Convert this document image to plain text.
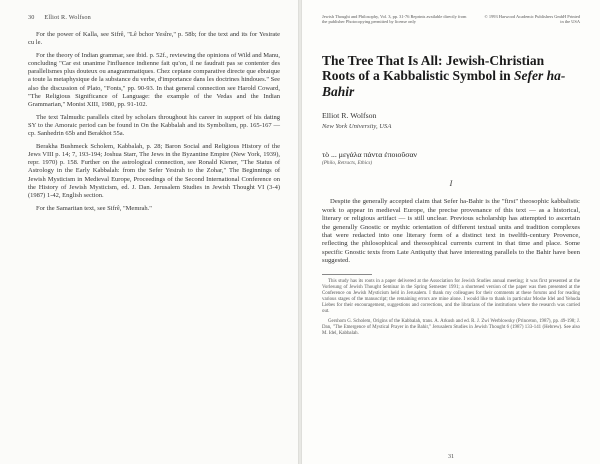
30 Elliot R. Wolfson

For the power of Kalla, see Sifrê, "Lê bchor Yesîre," p. 58b; for the text and its for Yesirate cu le.

For the theory of Indian grammar, see ibid. p. 52f., reviewing the opinions of Wild and Manu, concluding "Car est unanime l'influence indienne fait qu'on, il ne faudrait pas se contenter des parallelismes plus douteux ou anagrammatiques. Chez ceptane comparative directe que ebraique a toute la metaphysique de la substance du verbe, d'importance dans les doctrines hindoues." See also the discussion of Plato, "Fonts," pp. 90-93. In that general connection see Harold Coward, "The Religious Significance of Language: the example of the Vedas and the Indian Grammarian," Monist XIII, 1980, pp. 91-102.

The text Talmudic parallels cited by scholars throughout his career in support of his dating SY to the Amoraic period can be found in On the Kabbalah and its Symbolism, pp. 165-167 — cp. Sanhedrin 65b and Berakhot 55a.

Berakha Bushmeck Scholem, Kabbalah, p. 28; Baron Social and Religious History of the Jews VIII p. 14; 7, 193-194; Joshua Starr, The Jews in the Byzantine Empire (New York, 1939), repr. 1970) p. 158. Further on the astrological connection, see Ronald Kiener, "The Status of Astrology in the Early Kabbalah: from the Sefer Yesirah to the Zohar," The Beginnings of Jewish Mysticism in Medieval Europe, Proceedings of the Second International Conference on the History of Jewish Mysticism, ed. J. Dan. Jerusalem Studies in Jewish Thought VI (3-4) (1987) 1-42, English section.

For the Samaritan text, see Sifrê, "Memrah."

Jewish Thought and Philosophy, Vol. 3, pp. 31-76 Reprints available directly from the publisher Photocopying permitted by license only
© 1993 Harwood Academic Publishers GmbH Printed in the USA
The Tree That Is All: Jewish-Christian Roots of a Kabbalistic Symbol in Sefer ha-Bahir
Elliot R. Wolfson
New York University, USA
τὸ ... μεγάλα πάντα ἐποιοῦσαν
(Philo, Retracts, Ethics)
I

Despite the generally accepted claim that Sefer ha-Bahir is the "first" theosophic kabbalistic work to appear in medieval Europe, the precise provenance of this text — as a historical, literary or religious artifact — is still unclear. Previous scholarship has attempted to ascertain the generally Gnostic or mythic orientation of different textual units and tradition complexes that were redacted into one literary form of a distinct text in twelfth-century Provence, reflecting the philosophical and theosophical currents current in that time and place. Some specific Gnostic texts from Late Antiquity that have interesting parallels to the Bahir have been suggested.

This study has its roots in a paper delivered at the Association for Jewish Studies annual meeting; it was first presented at the Vorlesung of Jewish Thought Seminar in the Spring Semester 1991; a shortened version of the paper was then presented at the Conference on Jewish Mysticism held in Jerusalem. I thank my colleagues for their comments at these forums and for reading various stages of the manuscript; the remaining errors are mine alone. I would like to thank in particular Moshe Idel and Yehuda Liebes for their encouragement, suggestions and corrections, and the librarians of the institutions where the research was carried out.

Gershom G. Scholem, Origins of the Kabbalah, trans. A. Arkush and ed. R. J. Zwi Werblowsky (Princeton, 1987), pp. 49-198; J. Dan, "The Emergence of Mystical Prayer in the Bahir," Jerusalem Studies in Jewish Thought 6 (1987) 133-141 (Hebrew). See also M. Idel, Kabbalah.

31
